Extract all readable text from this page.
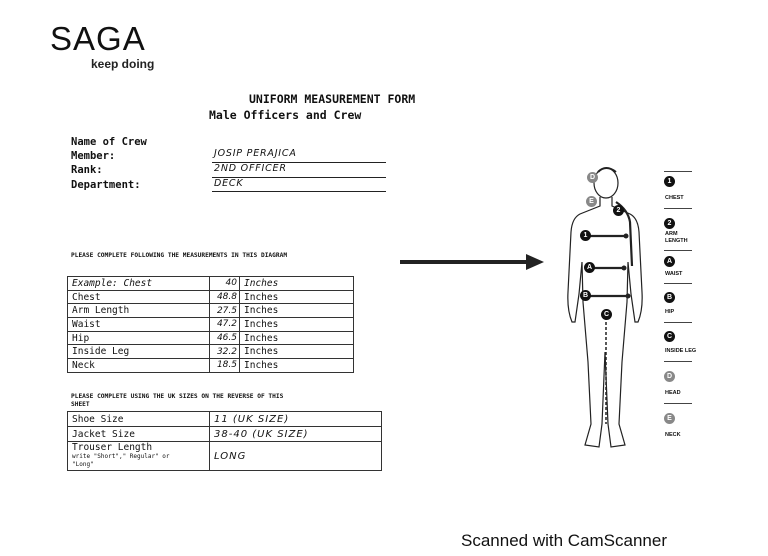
SAGA
keep doing
UNIFORM MEASUREMENT FORM
Male Officers and Crew
Name of Crew
Member:	JOSIP PERAJICA
Rank:	2ND OFFICER
Department:	DECK
PLEASE COMPLETE FOLLOWING THE MEASUREMENTS IN THIS DIAGRAM
Example: Chest	40	Inches
Chest	48.8	Inches
Arm Length	27.5	Inches
Waist	47.2	Inches
Hip	46.5	Inches
Inside Leg	32.2	Inches
Neck	18.5	Inches
PLEASE COMPLETE USING THE UK SIZES ON THE REVERSE OF THIS
SHEET
Shoe Size	11 (UK SIZE)
Jacket Size	38-40 (UK SIZE)
Trouser Length
write "Short"," Regular" or
"Long"	LONG
D
E
2
1
A
B
C
1
CHEST
2
ARM
LENGTH
A
WAIST
B
HIP
C
INSIDE LEG
D
HEAD
E
NECK
Scanned with CamScanner
